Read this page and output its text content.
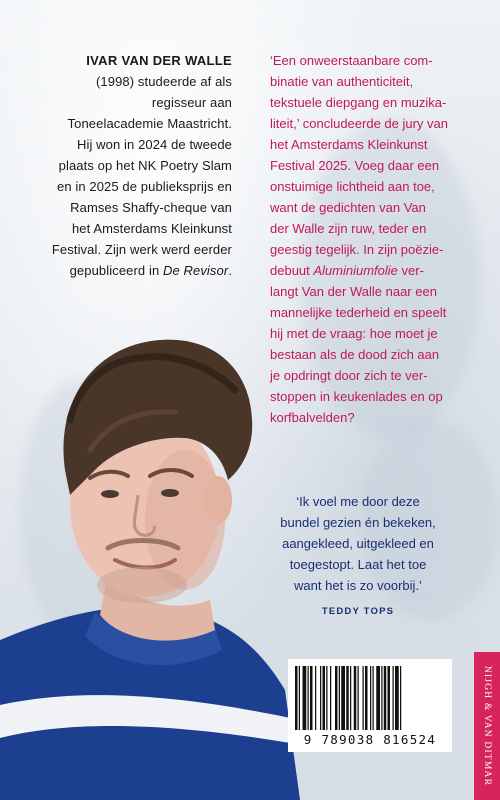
IVAR VAN DER WALLE (1998) studeerde af als regisseur aan
Toneelacademie Maastricht.
Hij won in 2024 de tweede
plaats op het NK Poetry Slam
en in 2025 de publieksprijs en
Ramses Shaffy-cheque van
het Amsterdams Kleinkunst
Festival. Zijn werk werd eerder
gepubliceerd in De Revisor.
‘Een onweerstaanbare com-
binatie van authenticiteit,
tekstuele diepgang en muzika-
liteit,’ concludeerde de jury van
het Amsterdams Kleinkunst
Festival 2025. Voeg daar een
onstuimige lichtheid aan toe,
want de gedichten van Van
der Walle zijn ruw, teder en
geestig tegelijk. In zijn poëzie-
debuut Aluminiumfolie ver-
langt Van der Walle naar een
mannelijke tederheid en speelt
hij met de vraag: hoe moet je
bestaan als de dood zich aan
je opdringt door zich te ver-
stoppen in keukenlades en op
korfbalvelden?
‘Ik voel me door deze
bundel gezien én bekeken,
aangekleed, uitgekleed en
toegestopt. Laat het toe
want het is zo voorbij.’
TEDDY TOPS
9 789038 816524	NIJGH & VAN DITMAR
